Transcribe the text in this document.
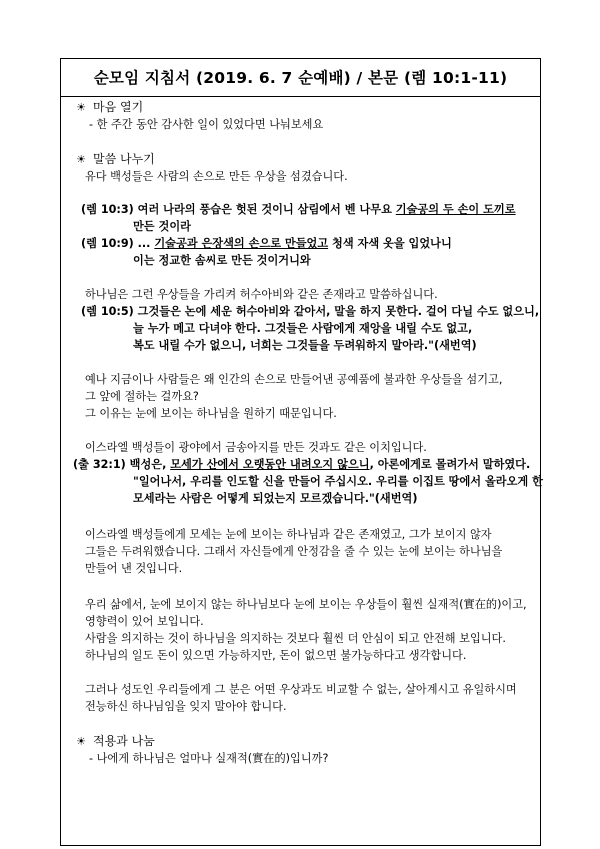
순모임 지침서 (2019. 6. 7 순예배) / 본문 (렘 10:1-11)
☀ 마음 열기
- 한 주간 동안 감사한 일이 있었다면 나눠보세요
☀ 말씀 나누기
유다 백성들은 사람의 손으로 만든 우상을 섬겼습니다.
(렘 10:3) 여러 나라의 풍습은 헛된 것이니 삼림에서 벤 나무요 기술공의 두 손이 도끼로
만든 것이라
(렘 10:9) ... 기술공과 은장색의 손으로 만들었고 청색 자색 옷을 입었나니
이는 정교한 솜씨로 만든 것이거니와
하나님은 그런 우상들을 가리켜 허수아비와 같은 존재라고 말씀하십니다.
(렘 10:5) 그것들은 논에 세운 허수아비와 같아서, 말을 하지 못한다. 걸어 다닐 수도 없으니,
늘 누가 메고 다녀야 한다. 그것들은 사람에게 재앙을 내릴 수도 없고,
복도 내릴 수가 없으니, 너희는 그것들을 두려워하지 말아라."(새번역)
예나 지금이나 사람들은 왜 인간의 손으로 만들어낸 공예품에 불과한 우상들을 섬기고,
그 앞에 절하는 걸까요?
그 이유는 눈에 보이는 하나님을 원하기 때문입니다.
이스라엘 백성들이 광야에서 금송아지를 만든 것과도 같은 이치입니다.
(출 32:1) 백성은, 모세가 산에서 오랫동안 내려오지 않으니, 아론에게로 몰려가서 말하였다.
"일어나서, 우리를 인도할 신을 만들어 주십시오. 우리를 이집트 땅에서 올라오게 한
모세라는 사람은 어떻게 되었는지 모르겠습니다."(새번역)
이스라엘 백성들에게 모세는 눈에 보이는 하나님과 같은 존재였고, 그가 보이지 않자
그들은 두려워했습니다. 그래서 자신들에게 안정감을 줄 수 있는 눈에 보이는 하나님을
만들어 낸 것입니다.
우리 삶에서, 눈에 보이지 않는 하나님보다 눈에 보이는 우상들이 훨씬 실재적(實在的)이고,
영향력이 있어 보입니다.
사람을 의지하는 것이 하나님을 의지하는 것보다 훨씬 더 안심이 되고 안전해 보입니다.
하나님의 일도 돈이 있으면 가능하지만, 돈이 없으면 불가능하다고 생각합니다.
그러나 성도인 우리들에게 그 분은 어떤 우상과도 비교할 수 없는, 살아계시고 유일하시며
전능하신 하나님임을 잊지 말아야 합니다.
☀ 적용과 나눔
- 나에게 하나님은 얼마나 실재적(實在的)입니까?
